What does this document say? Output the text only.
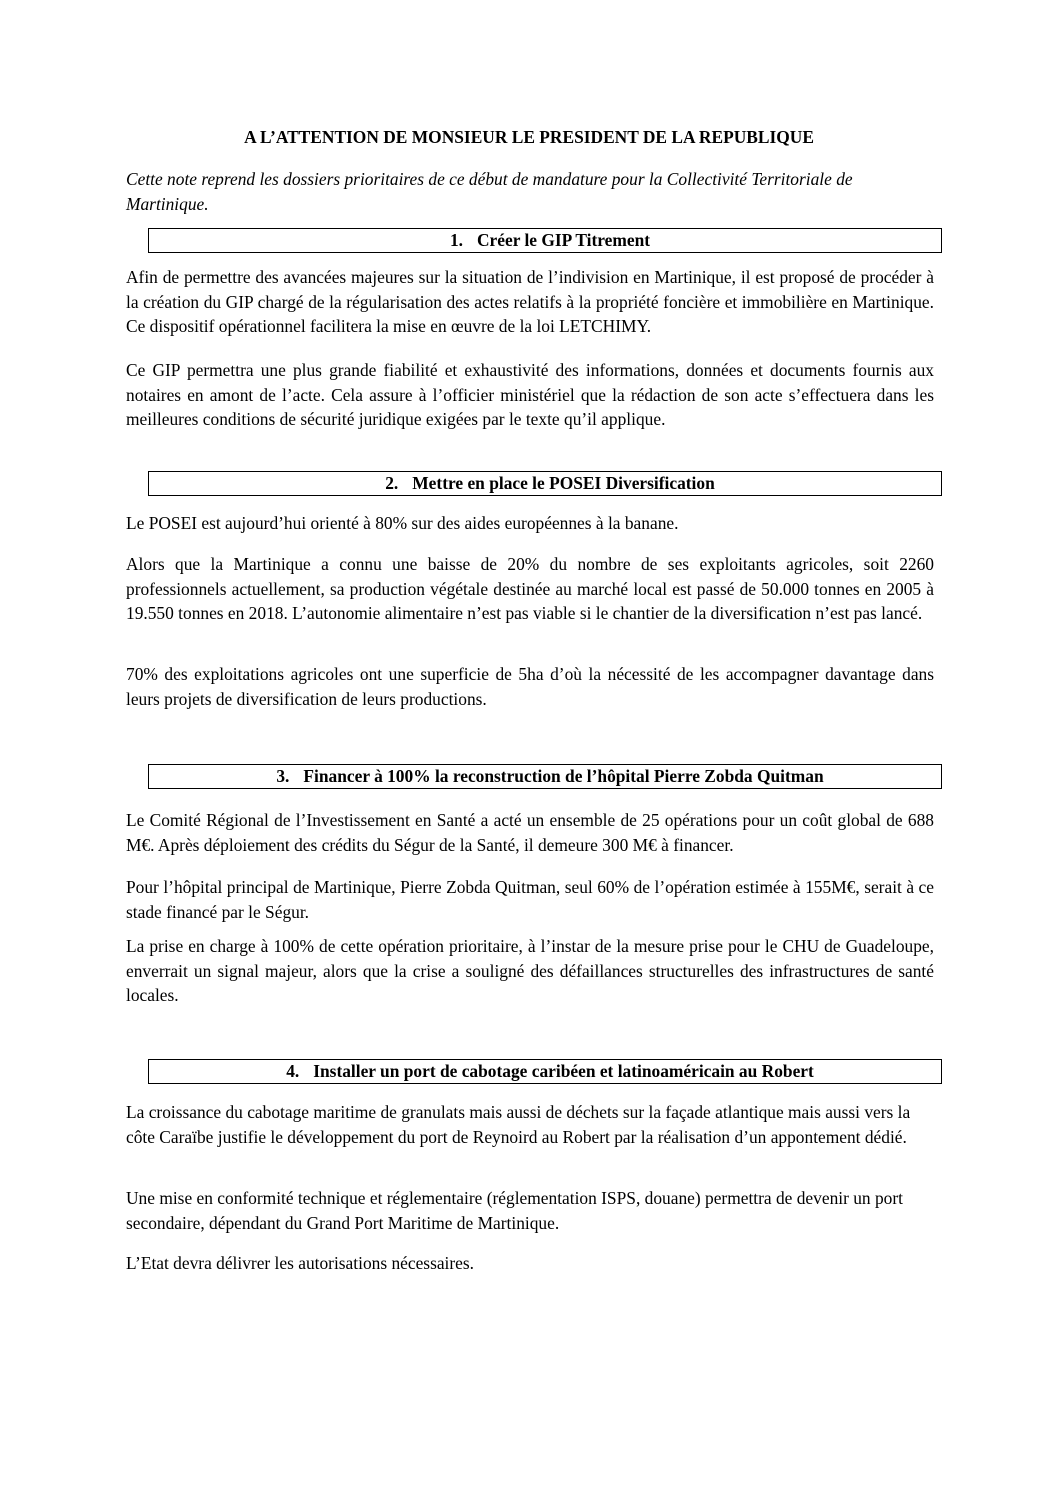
A L’ATTENTION DE MONSIEUR LE PRESIDENT DE LA REPUBLIQUE

Cette note reprend les dossiers prioritaires de ce début de mandature pour la Collectivité Territoriale de Martinique.

1. Créer le GIP Titrement

Afin de permettre des avancées majeures sur la situation de l’indivision en Martinique, il est proposé de procéder à la création du GIP chargé de la régularisation des actes relatifs à la propriété foncière et immobilière en Martinique. Ce dispositif opérationnel facilitera la mise en œuvre de la loi LETCHIMY.

Ce GIP permettra une plus grande fiabilité et exhaustivité des informations, données et documents fournis aux notaires en amont de l’acte. Cela assure à l’officier ministériel que la rédaction de son acte s’effectuera dans les meilleures conditions de sécurité juridique exigées par le texte qu’il applique.

2. Mettre en place le POSEI Diversification

Le POSEI est aujourd’hui orienté à 80% sur des aides européennes à la banane.

Alors que la Martinique a connu une baisse de 20% du nombre de ses exploitants agricoles, soit 2260 professionnels actuellement, sa production végétale destinée au marché local est passé de 50.000 tonnes en 2005 à 19.550 tonnes en 2018. L’autonomie alimentaire n’est pas viable si le chantier de la diversification n’est pas lancé.

70% des exploitations agricoles ont une superficie de 5ha d’où la nécessité de les accompagner davantage dans leurs projets de diversification de leurs productions.

3. Financer à 100% la reconstruction de l’hôpital Pierre Zobda Quitman

Le Comité Régional de l’Investissement en Santé a acté un ensemble de 25 opérations pour un coût global de 688 M€. Après déploiement des crédits du Ségur de la Santé, il demeure 300 M€ à financer.

Pour l’hôpital principal de Martinique, Pierre Zobda Quitman, seul 60% de l’opération estimée à 155M€, serait à ce stade financé par le Ségur.

La prise en charge à 100% de cette opération prioritaire, à l’instar de la mesure prise pour le CHU de Guadeloupe, enverrait un signal majeur, alors que la crise a souligné des défaillances structurelles des infrastructures de santé locales.

4. Installer un port de cabotage caribéen et latinoaméricain au Robert

La croissance du cabotage maritime de granulats mais aussi de déchets sur la façade atlantique mais aussi vers la côte Caraïbe justifie le développement du port de Reynoird au Robert par la réalisation d’un appontement dédié.

Une mise en conformité technique et réglementaire (réglementation ISPS, douane) permettra de devenir un port secondaire, dépendant du Grand Port Maritime de Martinique.

L’Etat devra délivrer les autorisations nécessaires.
